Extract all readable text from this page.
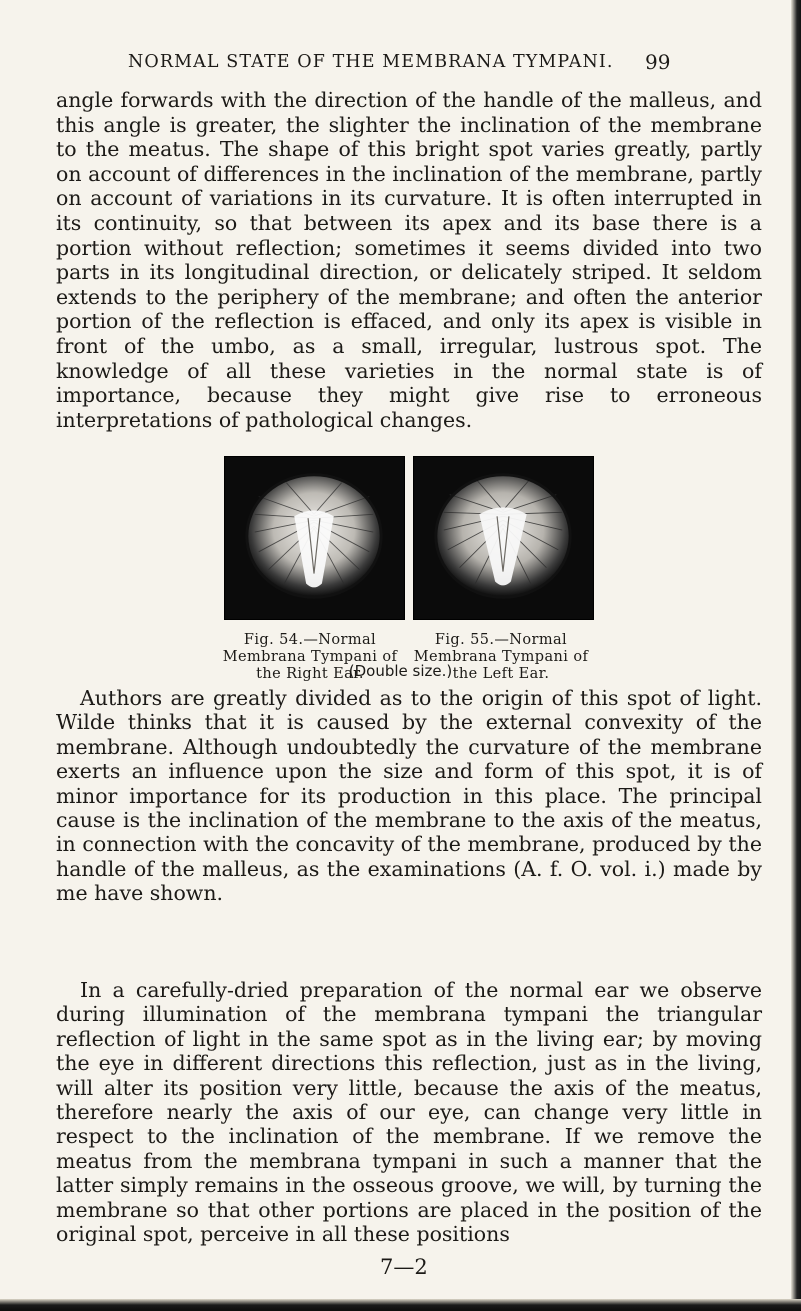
NORMAL STATE OF THE MEMBRANA TYMPANI. 99

angle forwards with the direction of the handle of the malleus, and this angle is greater, the slighter the inclination of the membrane to the meatus. The shape of this bright spot varies greatly, partly on account of differences in the inclination of the membrane, partly on account of variations in its curvature. It is often interrupted in its continuity, so that between its apex and its base there is a portion without reflection; sometimes it seems divided into two parts in its longitudinal direction, or delicately striped. It seldom extends to the periphery of the membrane; and often the anterior portion of the reflection is effaced, and only its apex is visible in front of the umbo, as a small, irregular, lustrous spot. The knowledge of all these varieties in the normal state is of importance, because they might give rise to erroneous interpretations of pathological changes.

Fig. 54.—Normal Membrana Tympani of the Right Ear.
Fig. 55.—Normal Membrana Tympani of the Left Ear.
(Double size.)

Authors are greatly divided as to the origin of this spot of light. Wilde thinks that it is caused by the external convexity of the membrane. Although undoubtedly the curvature of the membrane exerts an influence upon the size and form of this spot, it is of minor importance for its production in this place. The principal cause is the inclination of the membrane to the axis of the meatus, in connection with the concavity of the membrane, produced by the handle of the malleus, as the examinations (A. f. O. vol. i.) made by me have shown.

In a carefully-dried preparation of the normal ear we observe during illumination of the membrana tympani the triangular reflection of light in the same spot as in the living ear; by moving the eye in different directions this reflection, just as in the living, will alter its position very little, because the axis of the meatus, therefore nearly the axis of our eye, can change very little in respect to the inclination of the membrane. If we remove the meatus from the membrana tympani in such a manner that the latter simply remains in the osseous groove, we will, by turning the membrane so that other portions are placed in the position of the original spot, perceive in all these positions

7—2
